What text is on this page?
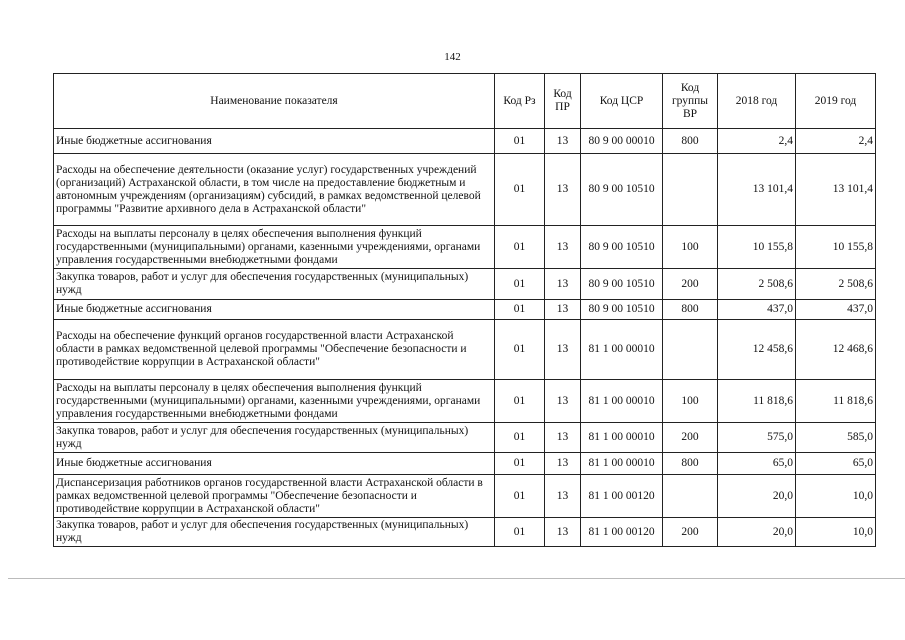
142
Наименование показателя	Код Рз	Код ПР	Код ЦСР	Код группы ВР	2018 год	2019 год
Иные бюджетные ассигнования	01	13	80 9 00 00010	800	2,4	2,4
Расходы на обеспечение деятельности (оказание услуг) государственных учреждений (организаций) Астраханской области, в том числе на предоставление бюджетным и автономным учреждениям (организациям) субсидий, в рамках ведомственной целевой программы "Развитие архивного дела в Астраханской области"	01	13	80 9 00 10510		13 101,4	13 101,4
Расходы на выплаты персоналу в целях обеспечения выполнения функций государственными (муниципальными) органами, казенными учреждениями, органами управления государственными внебюджетными фондами	01	13	80 9 00 10510	100	10 155,8	10 155,8
Закупка товаров, работ и услуг для обеспечения государственных (муниципальных) нужд	01	13	80 9 00 10510	200	2 508,6	2 508,6
Иные бюджетные ассигнования	01	13	80 9 00 10510	800	437,0	437,0
Расходы на обеспечение функций органов государственной власти Астраханской области в рамках ведомственной целевой программы "Обеспечение безопасности и противодействие коррупции в Астраханской области"	01	13	81 1 00 00010		12 458,6	12 468,6
Расходы на выплаты персоналу в целях обеспечения выполнения функций государственными (муниципальными) органами, казенными учреждениями, органами управления государственными внебюджетными фондами	01	13	81 1 00 00010	100	11 818,6	11 818,6
Закупка товаров, работ и услуг для обеспечения государственных (муниципальных) нужд	01	13	81 1 00 00010	200	575,0	585,0
Иные бюджетные ассигнования	01	13	81 1 00 00010	800	65,0	65,0
Диспансеризация работников органов государственной власти Астраханской области в рамках ведомственной целевой программы "Обеспечение безопасности и противодействие коррупции в Астраханской области"	01	13	81 1 00 00120		20,0	10,0
Закупка товаров, работ и услуг для обеспечения государственных (муниципальных) нужд	01	13	81 1 00 00120	200	20,0	10,0
